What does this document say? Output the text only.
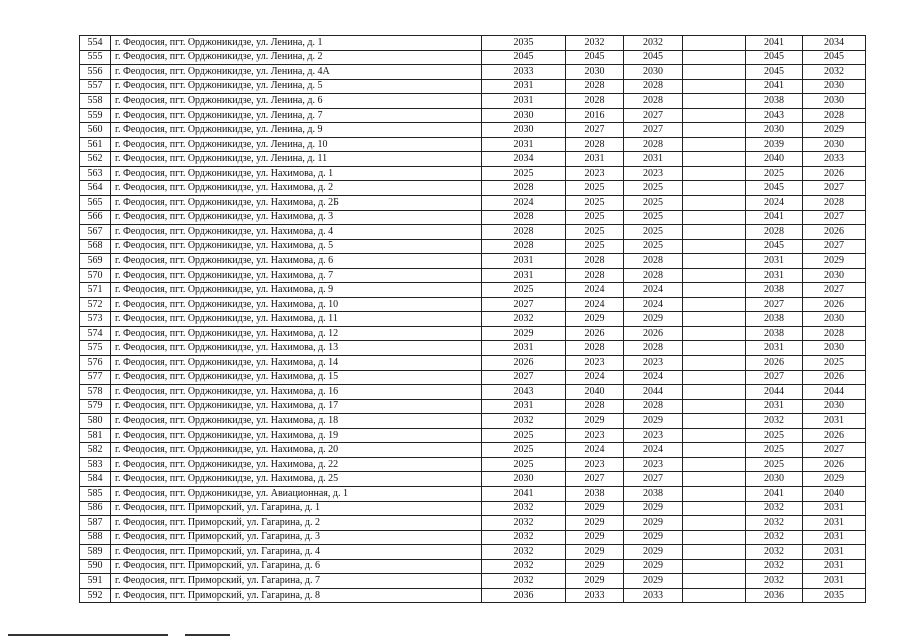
554	г. Феодосия, пгт. Орджоникидзе, ул. Ленина, д. 1	2035	2032	2032		2041	2034
555	г. Феодосия, пгт. Орджоникидзе, ул. Ленина, д. 2	2045	2045	2045		2045	2045
556	г. Феодосия, пгт. Орджоникидзе, ул. Ленина, д. 4А	2033	2030	2030		2045	2032
557	г. Феодосия, пгт. Орджоникидзе, ул. Ленина, д. 5	2031	2028	2028		2041	2030
558	г. Феодосия, пгт. Орджоникидзе, ул. Ленина, д. 6	2031	2028	2028		2038	2030
559	г. Феодосия, пгт. Орджоникидзе, ул. Ленина, д. 7	2030	2016	2027		2043	2028
560	г. Феодосия, пгт. Орджоникидзе, ул. Ленина, д. 9	2030	2027	2027		2030	2029
561	г. Феодосия, пгт. Орджоникидзе, ул. Ленина, д. 10	2031	2028	2028		2039	2030
562	г. Феодосия, пгт. Орджоникидзе, ул. Ленина, д. 11	2034	2031	2031		2040	2033
563	г. Феодосия, пгт. Орджоникидзе, ул. Нахимова, д. 1	2025	2023	2023		2025	2026
564	г. Феодосия, пгт. Орджоникидзе, ул. Нахимова, д. 2	2028	2025	2025		2045	2027
565	г. Феодосия, пгт. Орджоникидзе, ул. Нахимова, д. 2Б	2024	2025	2025		2024	2028
566	г. Феодосия, пгт. Орджоникидзе, ул. Нахимова, д. 3	2028	2025	2025		2041	2027
567	г. Феодосия, пгт. Орджоникидзе, ул. Нахимова, д. 4	2028	2025	2025		2028	2026
568	г. Феодосия, пгт. Орджоникидзе, ул. Нахимова, д. 5	2028	2025	2025		2045	2027
569	г. Феодосия, пгт. Орджоникидзе, ул. Нахимова, д. 6	2031	2028	2028		2031	2029
570	г. Феодосия, пгт. Орджоникидзе, ул. Нахимова, д. 7	2031	2028	2028		2031	2030
571	г. Феодосия, пгт. Орджоникидзе, ул. Нахимова, д. 9	2025	2024	2024		2038	2027
572	г. Феодосия, пгт. Орджоникидзе, ул. Нахимова, д. 10	2027	2024	2024		2027	2026
573	г. Феодосия, пгт. Орджоникидзе, ул. Нахимова, д. 11	2032	2029	2029		2038	2030
574	г. Феодосия, пгт. Орджоникидзе, ул. Нахимова, д. 12	2029	2026	2026		2038	2028
575	г. Феодосия, пгт. Орджоникидзе, ул. Нахимова, д. 13	2031	2028	2028		2031	2030
576	г. Феодосия, пгт. Орджоникидзе, ул. Нахимова, д. 14	2026	2023	2023		2026	2025
577	г. Феодосия, пгт. Орджоникидзе, ул. Нахимова, д. 15	2027	2024	2024		2027	2026
578	г. Феодосия, пгт. Орджоникидзе, ул. Нахимова, д. 16	2043	2040	2044		2044	2044
579	г. Феодосия, пгт. Орджоникидзе, ул. Нахимова, д. 17	2031	2028	2028		2031	2030
580	г. Феодосия, пгт. Орджоникидзе, ул. Нахимова, д. 18	2032	2029	2029		2032	2031
581	г. Феодосия, пгт. Орджоникидзе, ул. Нахимова, д. 19	2025	2023	2023		2025	2026
582	г. Феодосия, пгт. Орджоникидзе, ул. Нахимова, д. 20	2025	2024	2024		2025	2027
583	г. Феодосия, пгт. Орджоникидзе, ул. Нахимова, д. 22	2025	2023	2023		2025	2026
584	г. Феодосия, пгт. Орджоникидзе, ул. Нахимова, д. 25	2030	2027	2027		2030	2029
585	г. Феодосия, пгт. Орджоникидзе, ул. Авиационная, д. 1	2041	2038	2038		2041	2040
586	г. Феодосия, пгт. Приморский, ул. Гагарина, д. 1	2032	2029	2029		2032	2031
587	г. Феодосия, пгт. Приморский, ул. Гагарина, д. 2	2032	2029	2029		2032	2031
588	г. Феодосия, пгт. Приморский, ул. Гагарина, д. 3	2032	2029	2029		2032	2031
589	г. Феодосия, пгт. Приморский, ул. Гагарина, д. 4	2032	2029	2029		2032	2031
590	г. Феодосия, пгт. Приморский, ул. Гагарина, д. 6	2032	2029	2029		2032	2031
591	г. Феодосия, пгт. Приморский, ул. Гагарина, д. 7	2032	2029	2029		2032	2031
592	г. Феодосия, пгт. Приморский, ул. Гагарина, д. 8	2036	2033	2033		2036	2035
